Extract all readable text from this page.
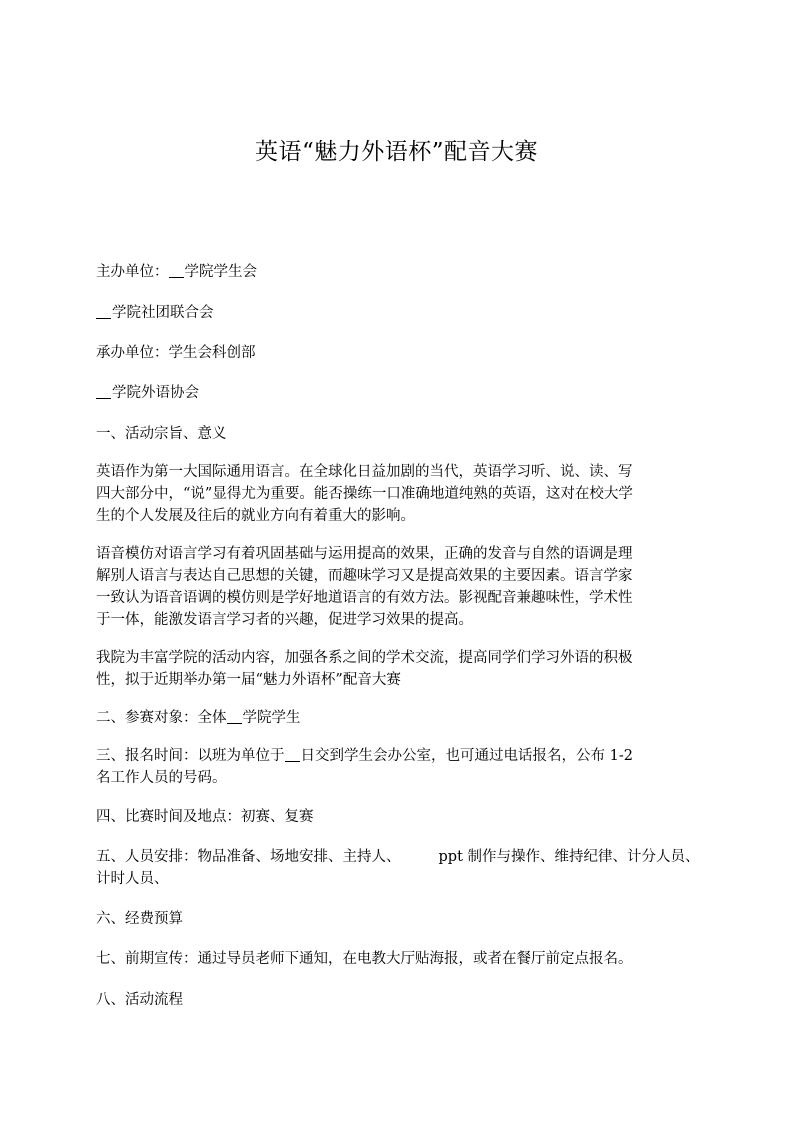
英语“魅力外语杯”配音大赛
主办单位： 学院学生会
学院社团联合会
承办单位：学生会科创部
学院外语协会
一、活动宗旨、意义
英语作为第一大国际通用语言。在全球化日益加剧的当代，英语学习听、说、读、写
四大部分中，“说”显得尤为重要。能否操练一口准确地道纯熟的英语，这对在校大学
生的个人发展及往后的就业方向有着重大的影响。
语音模仿对语言学习有着巩固基础与运用提高的效果，正确的发音与自然的语调是理
解别人语言与表达自己思想的关键，而趣味学习又是提高效果的主要因素。语言学家
一致认为语音语调的模仿则是学好地道语言的有效方法。影视配音兼趣味性，学术性
于一体，能激发语言学习者的兴趣，促进学习效果的提高。
我院为丰富学院的活动内容，加强各系之间的学术交流，提高同学们学习外语的积极
性，拟于近期举办第一届“魅力外语杯”配音大赛
二、参赛对象：全体 学院学生
三、报名时间：以班为单位于 日交到学生会办公室，也可通过电话报名，公布 1-2
名工作人员的号码。
四、比赛时间及地点：初赛、复赛
五、人员安排：物品准备、场地安排、主持人、	ppt 制作与操作、维持纪律、计分人员、
计时人员、
六、经费预算
七、前期宣传：通过导员老师下通知，在电教大厅贴海报，或者在餐厅前定点报名。
八、活动流程
